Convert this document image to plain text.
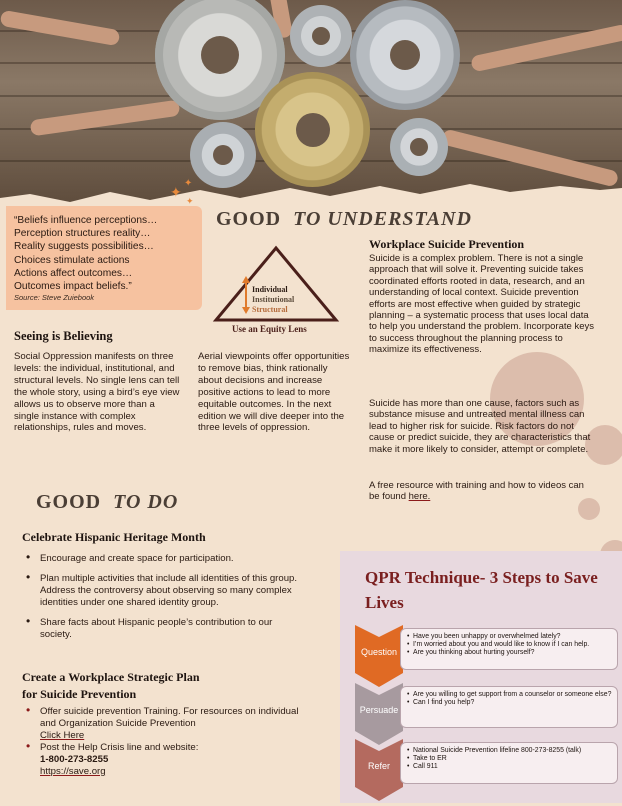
“Beliefs influence perceptions…
Perception structures reality…
Reality suggests possibilities…
Choices stimulate actions
Actions affect outcomes…
Outcomes impact beliefs.”
Source: Steve Zuiebook
✦
✦
✦
GOOD TO UNDERSTAND
Individual
Institutional
Structural
Use an Equity Lens
Seeing is Believing
Social Oppression manifests on three levels: the individual, institutional, and structural levels. No single lens can tell the whole story, using a bird’s eye view allows us to observe more than a single instance with complex relationships, rules and moves.
Aerial viewpoints offer opportunities to remove bias, think rationally about decisions and increase positive actions to lead to more equitable outcomes. In the next edition we will dive deeper into the three levels of oppression.
Workplace Suicide Prevention
Suicide is a complex problem. There is not a single approach that will solve it. Preventing suicide takes coordinated efforts rooted in data, research, and an understanding of local context. Suicide prevention efforts are most effective when guided by strategic planning – a systematic process that uses local data to help you understand the problem. Incorporate keys to success throughout the planning process to maximize its effectiveness.
Suicide has more than one cause, factors such as substance misuse and untreated mental illness can lead to higher risk for suicide. Risk factors do not cause or predict suicide, they are characteristics that make it more likely to consider, attempt or complete.
A free resource with training and how to videos can be found here.
GOOD TO DO
Celebrate Hispanic Heritage Month
• Encourage and create space for participation.
• Plan multiple activities that include all identities of this group. Address the controversy about observing so many complex identities under one shared identity group.
• Share facts about Hispanic people’s contribution to our society.
Create a Workplace Strategic Plan
for Suicide Prevention
• Offer suicide prevention Training. For resources on individual and Organization Suicide Prevention
Click Here
• Post the Help Crisis line and website:
1-800-273-8255
https://save.org
QPR Technique- 3 Steps to Save Lives
Question
• Have you been unhappy or overwhelmed lately?
• I’m worried about you and would like to know if I can help.
• Are you thinking about hurting yourself?
Persuade
• Are you willing to get support from a counselor or someone else?
• Can I find you help?
Refer
• National Suicide Prevention lifeline 800-273-8255 (talk)
• Take to ER
• Call 911
